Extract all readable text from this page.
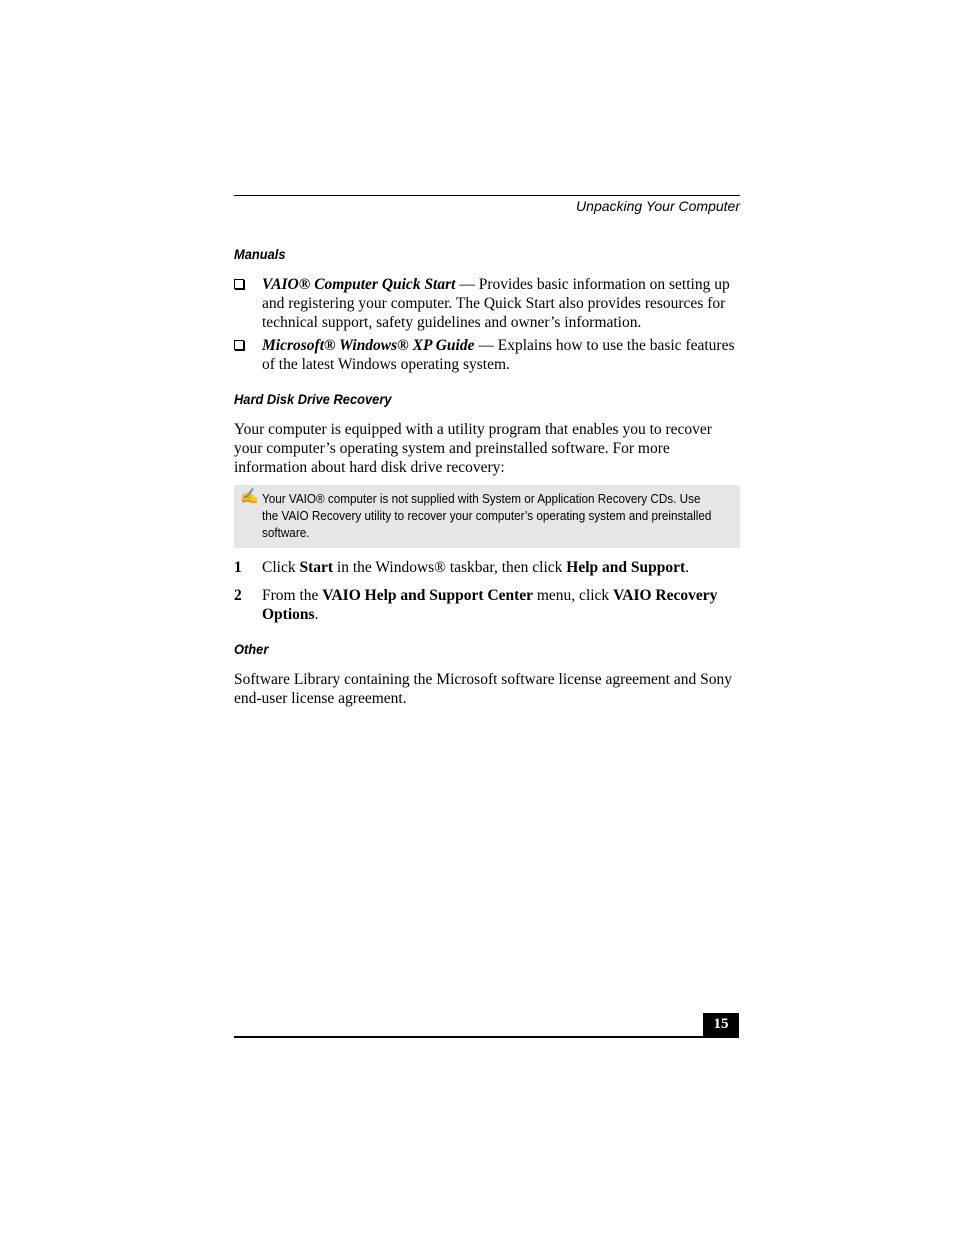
Unpacking Your Computer
Manuals
VAIO® Computer Quick Start — Provides basic information on setting up and registering your computer. The Quick Start also provides resources for technical support, safety guidelines and owner’s information.
Microsoft® Windows® XP Guide — Explains how to use the basic features of the latest Windows operating system.
Hard Disk Drive Recovery
Your computer is equipped with a utility program that enables you to recover your computer’s operating system and preinstalled software. For more information about hard disk drive recovery:
✍ Your VAIO® computer is not supplied with System or Application Recovery CDs. Use the VAIO Recovery utility to recover your computer’s operating system and preinstalled software.
1 Click Start in the Windows® taskbar, then click Help and Support.
2 From the VAIO Help and Support Center menu, click VAIO Recovery Options.
Other
Software Library containing the Microsoft software license agreement and Sony end-user license agreement.
15
